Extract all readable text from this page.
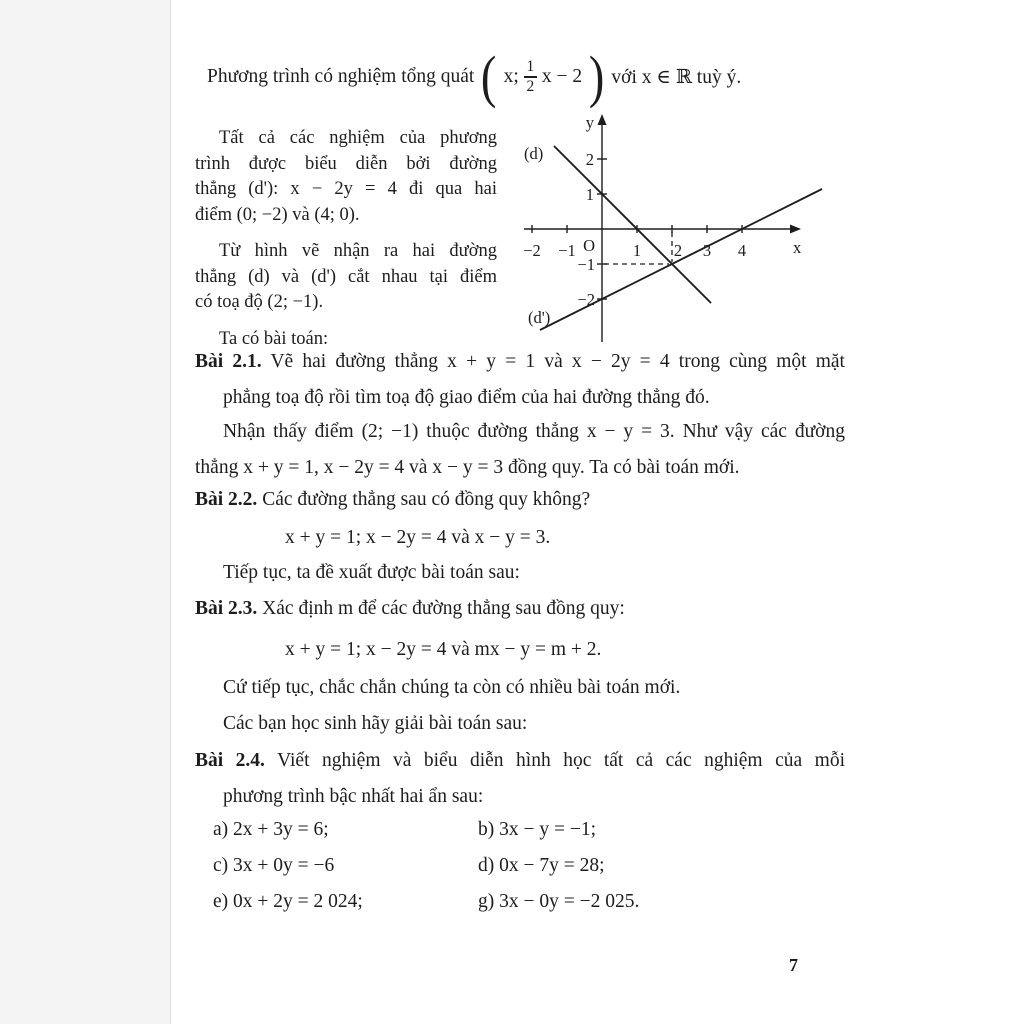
Phương trình có nghiệm tổng quát ( x; $\frac{1}{2}$ x − 2 ) với x ∈ ℝ tuỳ ý.

Tất cả các nghiệm của phương
trình được biểu diễn bởi đường
thẳng (d'): x − 2y = 4 đi qua hai
điểm (0; −2) và (4; 0).

Từ hình vẽ nhận ra hai đường
thẳng (d) và (d') cắt nhau tại điểm
có toạ độ (2; −1).

Ta có bài toán:

y
x
O
−2 −1	1 2 3 4
2
1
−1
−2
(d)
(d')
Bài 2.1. Vẽ hai đường thẳng x + y = 1 và x − 2y = 4 trong cùng một mặt
phẳng toạ độ rồi tìm toạ độ giao điểm của hai đường thẳng đó.
Nhận thấy điểm (2; −1) thuộc đường thẳng x − y = 3. Như vậy các đường
thẳng x + y = 1, x − 2y = 4 và x − y = 3 đồng quy. Ta có bài toán mới.
Bài 2.2. Các đường thẳng sau có đồng quy không?
x + y = 1; x − 2y = 4 và x − y = 3.
Tiếp tục, ta đề xuất được bài toán sau:
Bài 2.3. Xác định m để các đường thẳng sau đồng quy:
x + y = 1; x − 2y = 4 và mx − y = m + 2.
Cứ tiếp tục, chắc chắn chúng ta còn có nhiều bài toán mới.
Các bạn học sinh hãy giải bài toán sau:
Bài 2.4. Viết nghiệm và biểu diễn hình học tất cả các nghiệm của mỗi
phương trình bậc nhất hai ẩn sau:
a) 2x + 3y = 6;	b) 3x − y = −1;
c) 3x + 0y = −6	d) 0x − 7y = 28;
e) 0x + 2y = 2 024;	g) 3x − 0y = −2 025.
7
